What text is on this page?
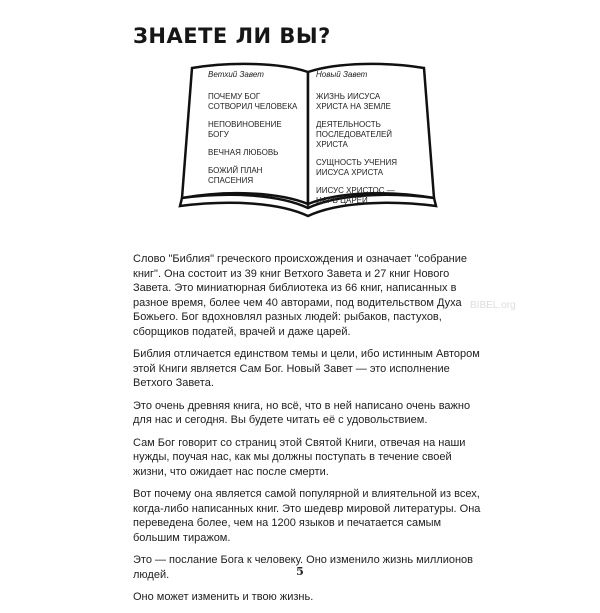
ЗНАЕТЕ ЛИ ВЫ?
Ветхий Завет
ПОЧЕМУ БОГ СОТВОРИЛ ЧЕЛОВЕКА
НЕПОВИНОВЕНИЕ БОГУ
ВЕЧНАЯ ЛЮБОВЬ
БОЖИЙ ПЛАН СПАСЕНИЯ
Новый Завет
ЖИЗНЬ ИИСУСА ХРИСТА НА ЗЕМЛЕ
ДЕЯТЕЛЬНОСТЬ ПОСЛЕДОВАТЕЛЕЙ ХРИСТА
СУЩНОСТЬ УЧЕНИЯ ИИСУСА ХРИСТА
ИИСУС ХРИСТОС — ЦАРЬ ЦАРЕЙ

Слово "Библия" греческого происхождения и означает "собрание книг". Она состоит из 39 книг Ветхого Завета и 27 книг Нового Завета. Это миниатюрная библиотека из 66 книг, написанных в разное время, более чем 40 авторами, под водительством Духа Божьего. Бог вдохновлял разных людей: рыбаков, пастухов, сборщиков податей, врачей и даже царей.

Библия отличается единством темы и цели, ибо истинным Автором этой Книги является Сам Бог. Новый Завет — это исполнение Ветхого Завета.

Это очень древняя книга, но всё, что в ней написано очень важно для нас и сегодня. Вы будете читать её с удовольствием.

Сам Бог говорит со страниц этой Святой Книги, отвечая на наши нужды, поучая нас, как мы должны поступать в течение своей жизни, что ожидает нас после смерти.

Вот почему она является самой популярной и влиятельной из всех, когда-либо написанных книг. Это шедевр мировой литературы. Она переведена более, чем на 1200 языков и печатается самым большим тиражом.

Это — послание Бога к человеку. Оно изменило жизнь миллионов людей.

Оно может изменить и твою жизнь.

BIBEL.org
5
